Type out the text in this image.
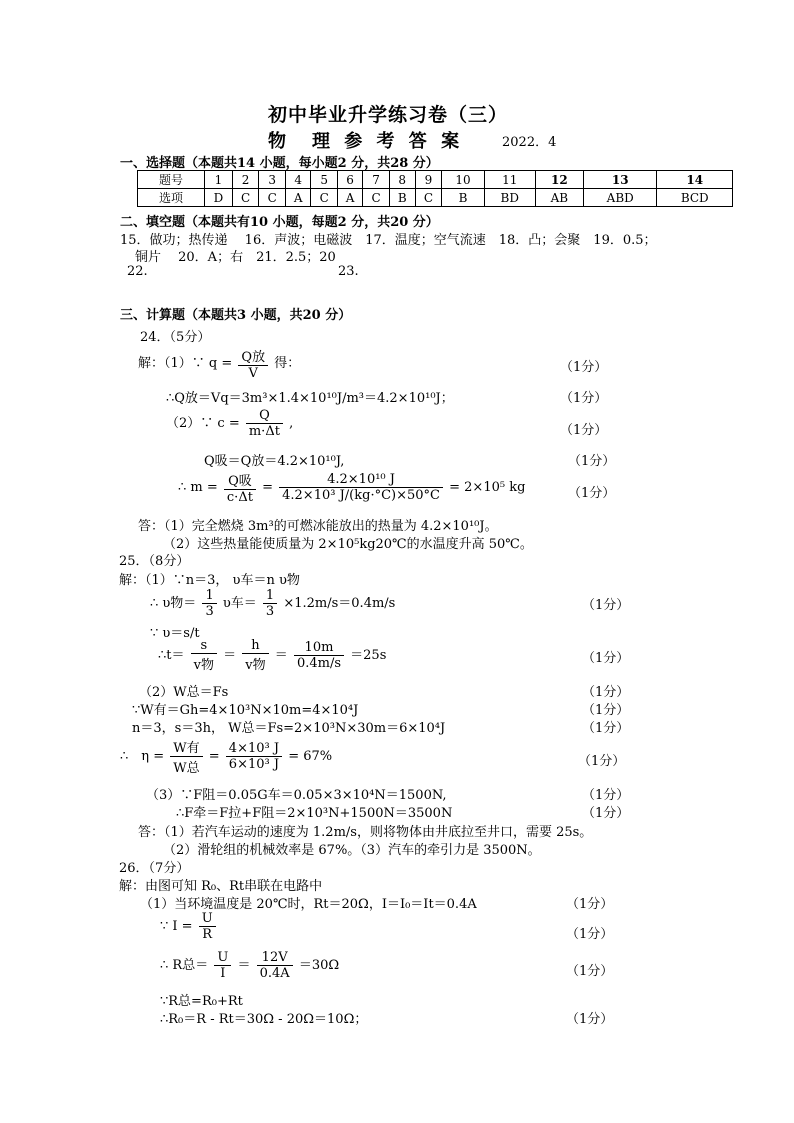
初中毕业升学练习卷（三）
物　理 参 考 答 案	2022．4
一、选择题（本题共14 小题，每小题2 分，共28 分）
题号	1	2	3	4	5	6	7	8	9	10	11	12	13	14
选项	D	C	C	A	C	A	C	B	C	B	BD	AB	ABD	BCD
二、填空题（本题共有10 小题，每题2 分，共20 分）
15．做功；热传递　 16．声波；电磁波　17．温度；空气流速　18．凸；会聚　19．0.5；
铜片　 20．A；右　21．2.5；20
22.	23.
三、计算题（本题共3 小题，共20 分）
24．（5分）
解：（1）∵ $q = \frac{\text{Q放}}{V}$ 得：	（1分）
∴Q放＝Vq＝3m³×1.4×10¹⁰J/m³＝4.2×10¹⁰J；	（1分）
（2）∵ $c = \frac{Q}{m\cdot\Delta t}$ ,	（1分）
Q吸＝Q放＝4.2×10¹⁰J,	（1分）
∴ $m = \frac{\text{Q吸}}{c\cdot\Delta t} = \frac{\text{4.2×10¹⁰ J}}{\text{4.2×10³ J/(kg·°C)×50°C}} = 2\times 10^5$ kg	（1分）
答：（1）完全燃烧 3m³的可燃冰能放出的热量为 4.2×10¹⁰J。
（2）这些热量能使质量为 2×10⁵kg20℃的水温度升高 50℃。
25．（8分）
解：（1）∵n＝3， υ车＝n υ物
∴ υ物＝ $\frac{1}{3}$ υ车＝ $\frac{1}{3} \times 1.2m/s=0.4m/s$	（1分）
∵ υ＝s/t
∴t＝ $\frac{s}{\text{v物}} = \frac{h}{\text{v物}} = \frac{10m}{0.4m/s} =25s$	（1分）
（2）W总＝Fs	（1分）
∵W有＝Gh=4×10³N×10m=4×10⁴J	（1分）
n＝3，s＝3h， W总＝Fs=2×10³N×30m＝6×10⁴J	（1分）
∴　$\eta = \frac{\text{W有}}{\text{W总}} = \frac{\text{4×10³ J}}{\text{6×10³ J}} = 67\%$	（1分）
（3）∵F阻＝0.05G车＝0.05×3×10⁴N＝1500N,	（1分）
∴F牵＝F拉+F阻＝2×10³N+1500N＝3500N	（1分）
答：（1）若汽车运动的速度为 1.2m/s，则将物体由井底拉至井口，需要 25s。
（2）滑轮组的机械效率是 67%。（3）汽车的牵引力是 3500N。
26．（7分）
解：由图可知 R₀、Rt串联在电路中
（1）当环境温度是 20℃时，Rt＝20Ω，I＝I₀＝It＝0.4A	（1分）
∵ $I = \frac{U}{R}$	（1分）
∴ R总＝ $\frac{U}{I} = \frac{12V}{0.4A} =30\Omega$	（1分）
∵R总=R₀+Rt
∴R₀＝R - Rt＝30Ω - 20Ω＝10Ω；	（1分）
